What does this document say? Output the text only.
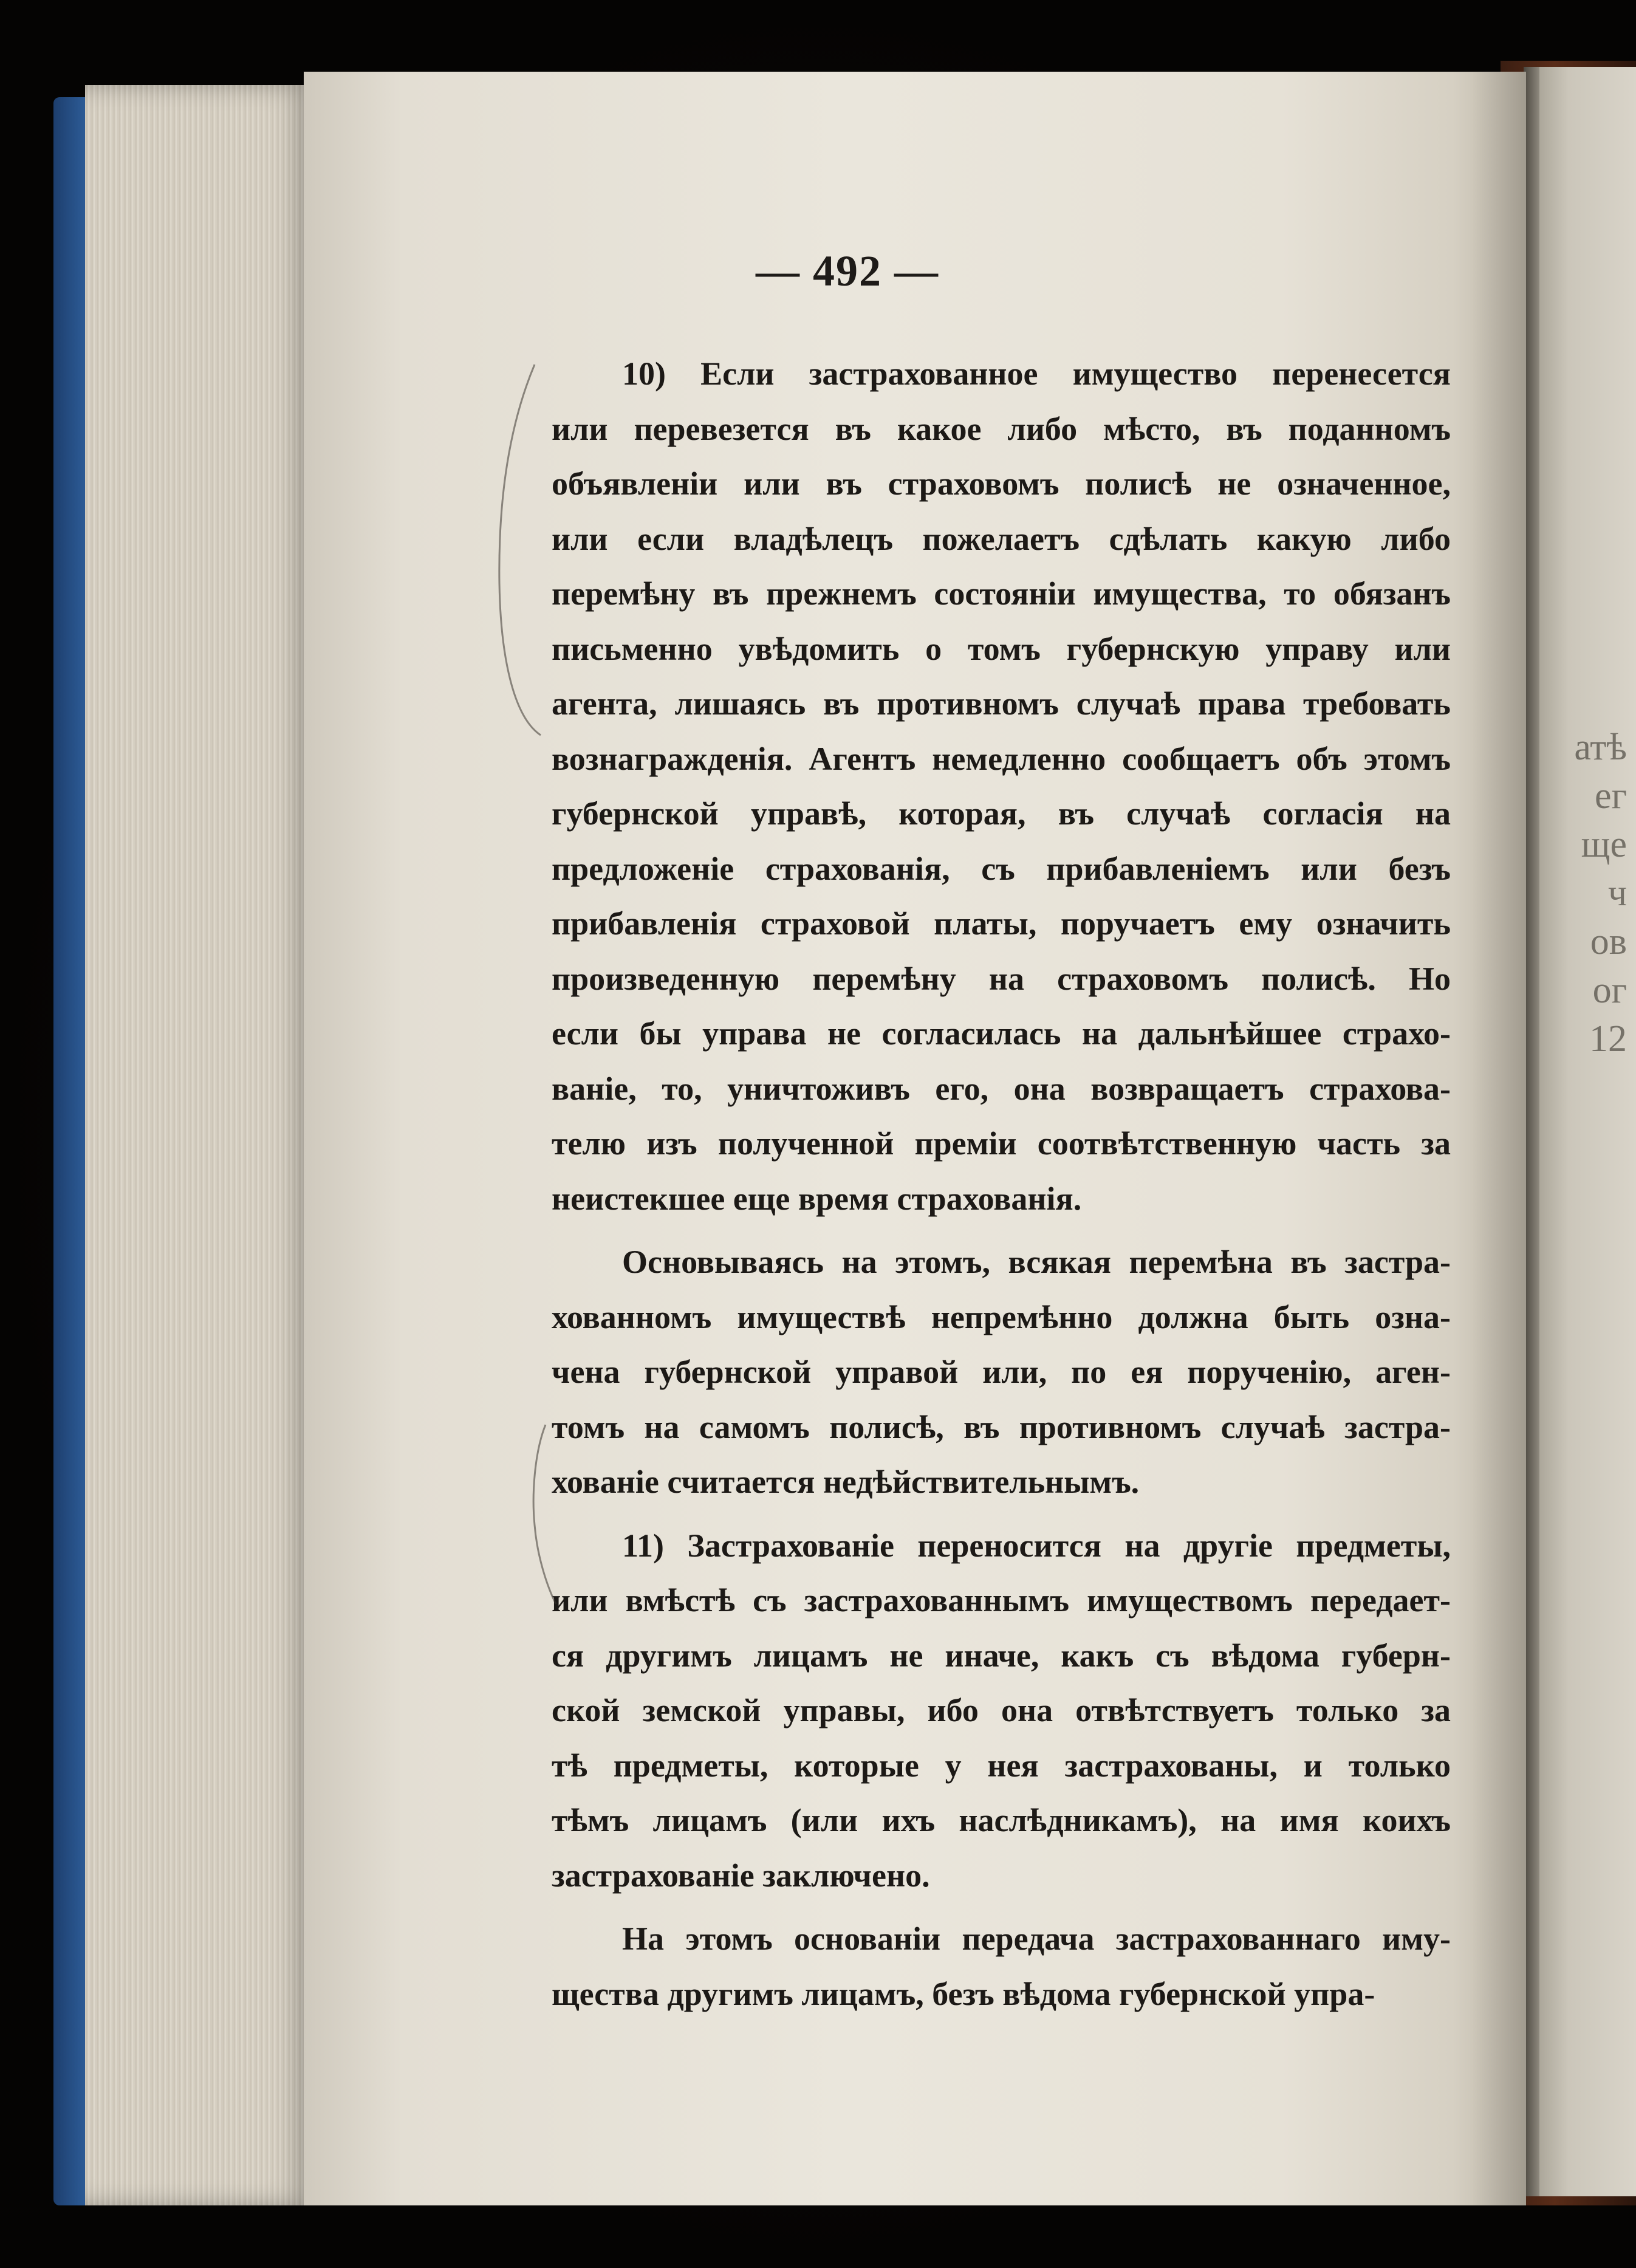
атѣ
ег
ще
ч
ов
ог
12
— 492 —
10) Если застрахованное имущество перенесется
или перевезется въ какое либо мѣсто, въ поданномъ
объявленіи или въ страховомъ полисѣ не означенное,
или если владѣлецъ пожелаетъ сдѣлать какую либо
перемѣну въ прежнемъ состояніи имущества, то обязанъ
письменно увѣдомить о томъ губернскую управу или
агента, лишаясь въ противномъ случаѣ права требовать
вознагражденія. Агентъ немедленно сообщаетъ объ этомъ
губернской управѣ, которая, въ случаѣ согласія на
предложеніе страхованія, съ прибавленіемъ или безъ
прибавленія страховой платы, поручаетъ ему означить
произведенную перемѣну на страховомъ полисѣ. Но
если бы управа не согласилась на дальнѣйшее страхо-
ваніе, то, уничтоживъ его, она возвращаетъ страхова-
телю изъ полученной преміи соотвѣтственную часть за
неистекшее еще время страхованія.
Основываясь на этомъ, всякая перемѣна въ застра-
хованномъ имуществѣ непремѣнно должна быть озна-
чена губернской управой или, по ея порученію, аген-
томъ на самомъ полисѣ, въ противномъ случаѣ застра-
хованіе считается недѣйствительнымъ.
11) Застрахованіе переносится на другіе предметы,
или вмѣстѣ съ застрахованнымъ имуществомъ передает-
ся другимъ лицамъ не иначе, какъ съ вѣдома губерн-
ской земской управы, ибо она отвѣтствуетъ только за
тѣ предметы, которые у нея застрахованы, и только
тѣмъ лицамъ (или ихъ наслѣдникамъ), на имя коихъ
застрахованіе заключено.
На этомъ основаніи передача застрахованнаго иму-
щества другимъ лицамъ, безъ вѣдома губернской упра-
